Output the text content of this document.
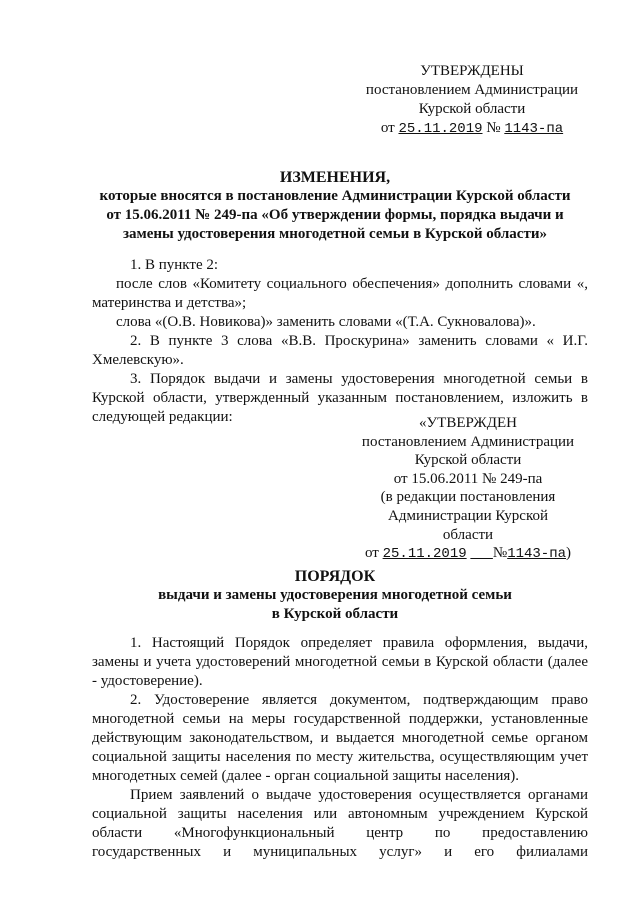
УТВЕРЖДЕНЫ
постановлением Администрации
Курской области
от 25.11.2019 № 1143-па
ИЗМЕНЕНИЯ,
которые вносятся в постановление Администрации Курской области
от 15.06.2011 № 249-па «Об утверждении формы, порядка выдачи и
замены удостоверения многодетной семьи в Курской области»

1. В пункте 2:

после слов «Комитету социального обеспечения» дополнить словами «, материнства и детства»;

слова «(О.В. Новикова)» заменить словами «(Т.А. Сукновалова)».

2. В пункте 3 слова «В.В. Проскурина» заменить словами « И.Г. Хмелевскую».

3. Порядок выдачи и замены удостоверения многодетной семьи в Курской области, утвержденный указанным постановлением, изложить в следующей редакции:	«УТВЕРЖДЕН
постановлением Администрации
Курской области
от 15.06.2011 № 249-па
(в редакции постановления
Администрации Курской
области
от 25.11.2019 №1143-па)
ПОРЯДОК
выдачи и замены удостоверения многодетной семьи
в Курской области

1. Настоящий Порядок определяет правила оформления, выдачи, замены и учета удостоверений многодетной семьи в Курской области (далее - удостоверение).

2. Удостоверение является документом, подтверждающим право многодетной семьи на меры государственной поддержки, установленные действующим законодательством, и выдается многодетной семье органом социальной защиты населения по месту жительства, осуществляющим учет многодетных семей (далее - орган социальной защиты населения).

Прием заявлений о выдаче удостоверения осуществляется органами социальной защиты населения или автономным учреждением Курской области «Многофункциональный центр по предоставлению государственных и муниципальных услуг» и его филиалами
